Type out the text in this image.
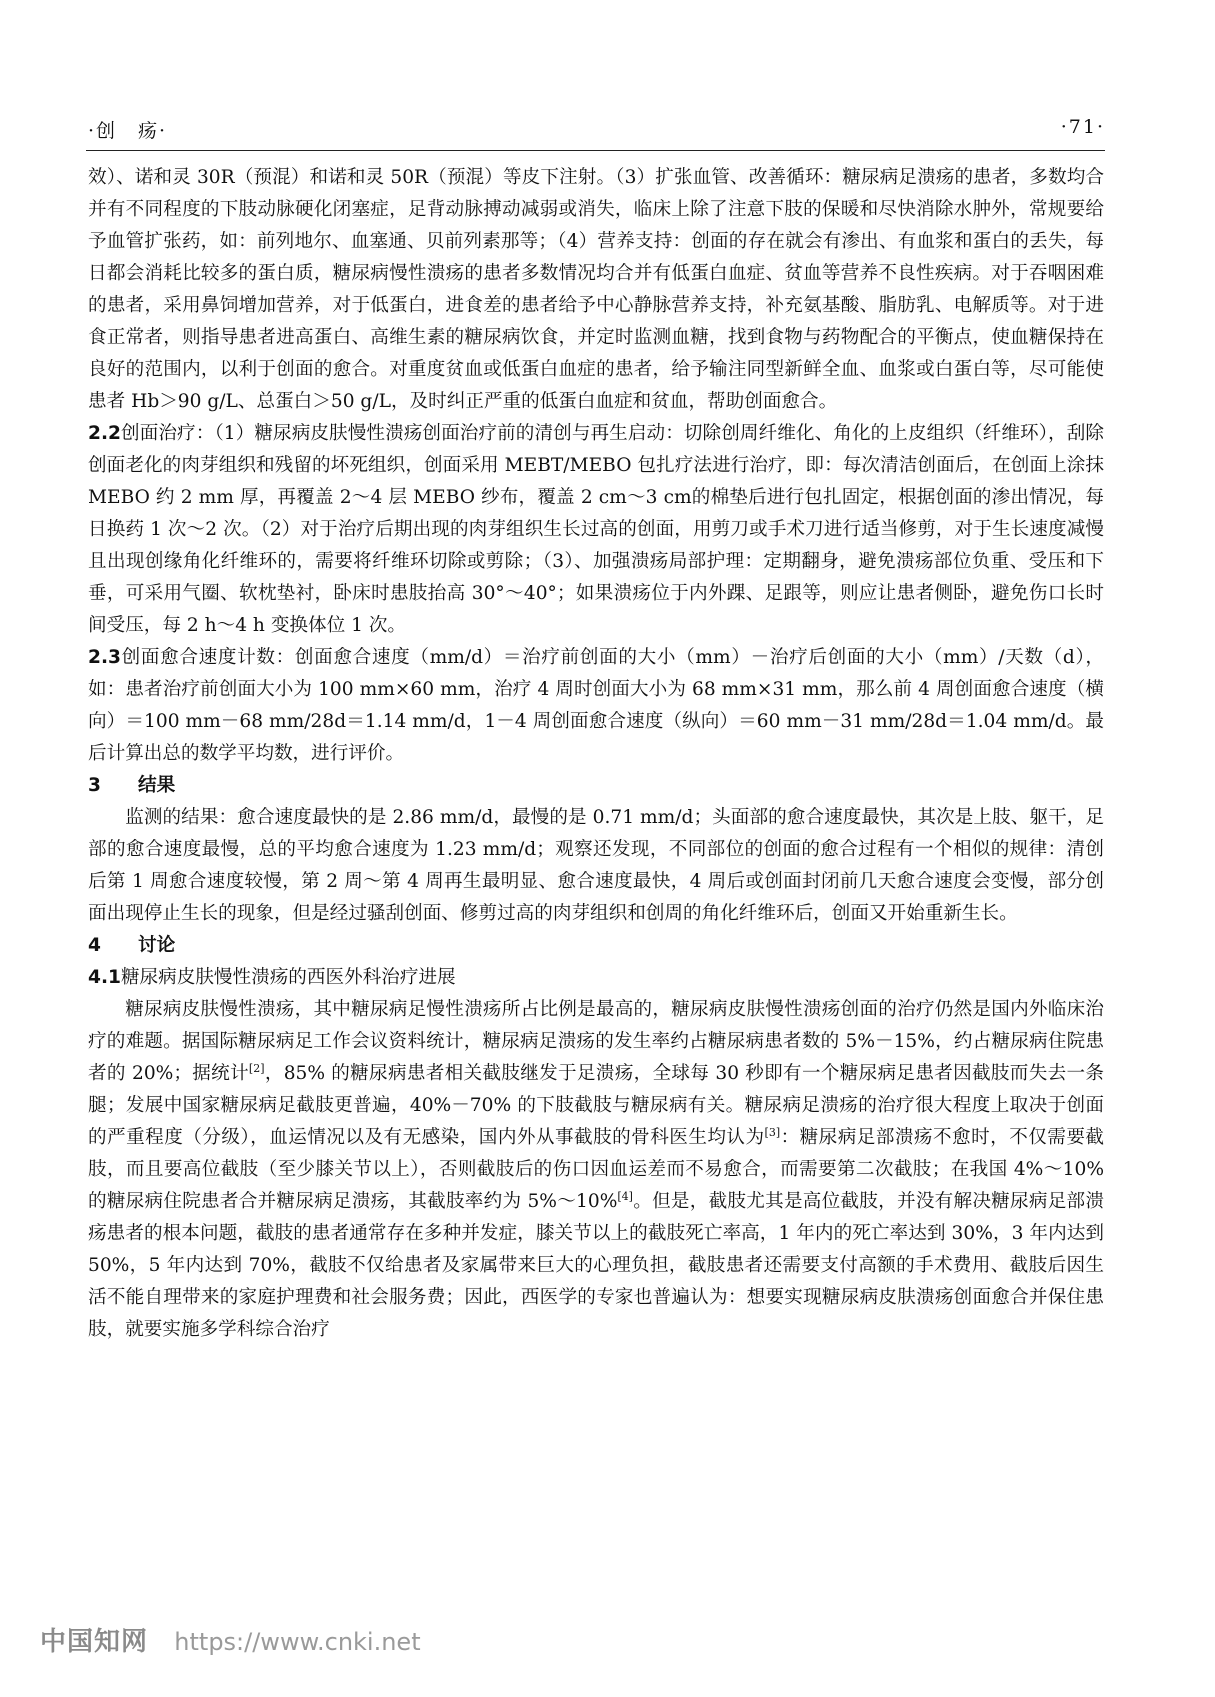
·创　疡·	·71·

效）、诺和灵 30R（预混）和诺和灵 50R（预混）等皮下注射。（3）扩张血管、改善循环：糖尿病足溃疡的患者，多数均合并有不同程度的下肢动脉硬化闭塞症，足背动脉搏动减弱或消失，临床上除了注意下肢的保暖和尽快消除水肿外，常规要给予血管扩张药，如：前列地尔、血塞通、贝前列素那等；（4）营养支持：创面的存在就会有渗出、有血浆和蛋白的丢失，每日都会消耗比较多的蛋白质，糖尿病慢性溃疡的患者多数情况均合并有低蛋白血症、贫血等营养不良性疾病。对于吞咽困难的患者，采用鼻饲增加营养，对于低蛋白，进食差的患者给予中心静脉营养支持，补充氨基酸、脂肪乳、电解质等。对于进食正常者，则指导患者进高蛋白、高维生素的糖尿病饮食，并定时监测血糖，找到食物与药物配合的平衡点，使血糖保持在良好的范围内，以利于创面的愈合。对重度贫血或低蛋白血症的患者，给予输注同型新鲜全血、血浆或白蛋白等，尽可能使患者 Hb＞90 g/L、总蛋白＞50 g/L，及时纠正严重的低蛋白血症和贫血，帮助创面愈合。

2.2创面治疗：（1）糖尿病皮肤慢性溃疡创面治疗前的清创与再生启动：切除创周纤维化、角化的上皮组织（纤维环），刮除创面老化的肉芽组织和残留的坏死组织，创面采用 MEBT/MEBO 包扎疗法进行治疗，即：每次清洁创面后，在创面上涂抹 MEBO 约 2 mm 厚，再覆盖 2～4 层 MEBO 纱布，覆盖 2 cm～3 cm的棉垫后进行包扎固定，根据创面的渗出情况，每日换药 1 次～2 次。（2）对于治疗后期出现的肉芽组织生长过高的创面，用剪刀或手术刀进行适当修剪，对于生长速度减慢且出现创缘角化纤维环的，需要将纤维环切除或剪除；（3）、加强溃疡局部护理：定期翻身，避免溃疡部位负重、受压和下垂，可采用气圈、软枕垫衬，卧床时患肢抬高 30°～40°；如果溃疡位于内外踝、足跟等，则应让患者侧卧，避免伤口长时间受压，每 2 h～4 h 变换体位 1 次。

2.3创面愈合速度计数：创面愈合速度（mm/d）＝治疗前创面的大小（mm）－治疗后创面的大小（mm）/天数（d），如：患者治疗前创面大小为 100 mm×60 mm，治疗 4 周时创面大小为 68 mm×31 mm，那么前 4 周创面愈合速度（横向）＝100 mm－68 mm/28d＝1.14 mm/d，1－4 周创面愈合速度（纵向）＝60 mm－31 mm/28d＝1.04 mm/d。最后计算出总的数学平均数，进行评价。

3 结果

监测的结果：愈合速度最快的是 2.86 mm/d，最慢的是 0.71 mm/d；头面部的愈合速度最快，其次是上肢、躯干，足部的愈合速度最慢，总的平均愈合速度为 1.23 mm/d；观察还发现，不同部位的创面的愈合过程有一个相似的规律：清创后第 1 周愈合速度较慢，第 2 周～第 4 周再生最明显、愈合速度最快，4 周后或创面封闭前几天愈合速度会变慢，部分创面出现停止生长的现象，但是经过骚刮创面、修剪过高的肉芽组织和创周的角化纤维环后，创面又开始重新生长。

4 讨论

4.1糖尿病皮肤慢性溃疡的西医外科治疗进展

糖尿病皮肤慢性溃疡，其中糖尿病足慢性溃疡所占比例是最高的，糖尿病皮肤慢性溃疡创面的治疗仍然是国内外临床治疗的难题。据国际糖尿病足工作会议资料统计，糖尿病足溃疡的发生率约占糖尿病患者数的 5%－15%，约占糖尿病住院患者的 20%；据统计[2]，85% 的糖尿病患者相关截肢继发于足溃疡，全球每 30 秒即有一个糖尿病足患者因截肢而失去一条腿；发展中国家糖尿病足截肢更普遍，40%－70% 的下肢截肢与糖尿病有关。糖尿病足溃疡的治疗很大程度上取决于创面的严重程度（分级），血运情况以及有无感染，国内外从事截肢的骨科医生均认为[3]：糖尿病足部溃疡不愈时，不仅需要截肢，而且要高位截肢（至少膝关节以上），否则截肢后的伤口因血运差而不易愈合，而需要第二次截肢；在我国 4%～10% 的糖尿病住院患者合并糖尿病足溃疡，其截肢率约为 5%～10%[4]。但是，截肢尤其是高位截肢，并没有解决糖尿病足部溃疡患者的根本问题，截肢的患者通常存在多种并发症，膝关节以上的截肢死亡率高，1 年内的死亡率达到 30%，3 年内达到 50%，5 年内达到 70%，截肢不仅给患者及家属带来巨大的心理负担，截肢患者还需要支付高额的手术费用、截肢后因生活不能自理带来的家庭护理费和社会服务费；因此，西医学的专家也普遍认为：想要实现糖尿病皮肤溃疡创面愈合并保住患肢，就要实施多学科综合治疗

中国知网 https://www.cnki.net
